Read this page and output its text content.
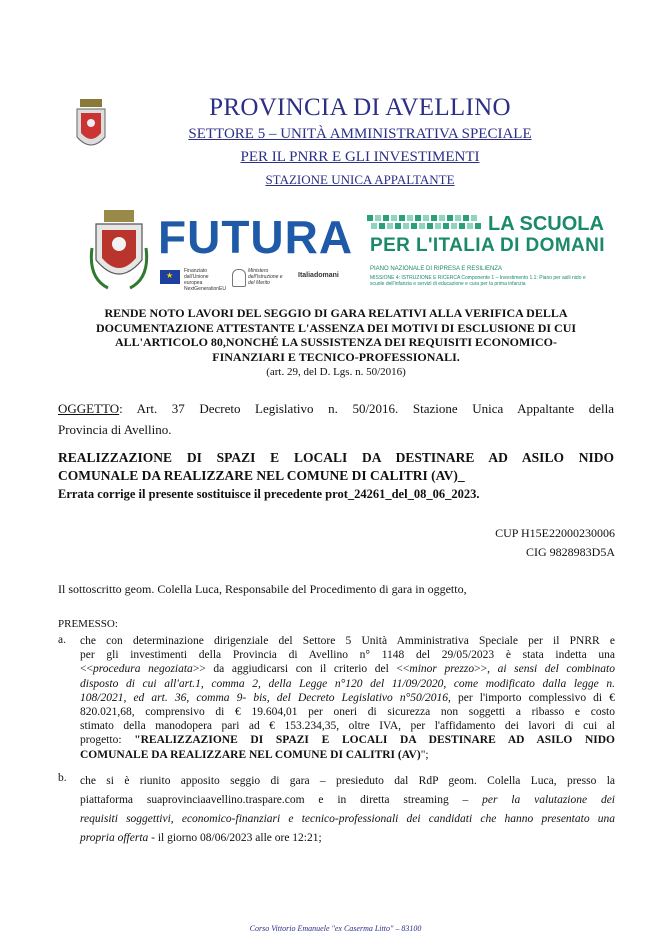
PROVINCIA DI AVELLINO
SETTORE 5 – UNITÀ AMMINISTRATIVA SPECIALE
PER IL PNRR E GLI INVESTIMENTI
STAZIONE UNICA APPALTANTE
FUTURA
★
Finanziato dall'Unione europea NextGenerationEU
Ministero dell'Istruzione e del Merito
Italiadomani
LA SCUOLA
PER L'ITALIA DI DOMANI
PIANO NAZIONALE DI RIPRESA E RESILIENZA
MISSIONE 4: ISTRUZIONE E RICERCA Componente 1 – Investimento 1.1: Piano per asili nido e scuole dell'infanzia e servizi di educazione e cura per la prima infanzia
RENDE NOTO LAVORI DEL SEGGIO DI GARA RELATIVI ALLA VERIFICA DELLA
DOCUMENTAZIONE ATTESTANTE L'ASSENZA DEI MOTIVI DI ESCLUSIONE DI CUI
ALL'ARTICOLO 80,NONCHÉ LA SUSSISTENZA DEI REQUISITI ECONOMICO-
FINANZIARI E TECNICO-PROFESSIONALI.
(art. 29, del D. Lgs. n. 50/2016)
OGGETTO: Art. 37 Decreto Legislativo n. 50/2016. Stazione Unica Appaltante della
Provincia di Avellino.
REALIZZAZIONE DI SPAZI E LOCALI DA DESTINARE AD ASILO NIDO
COMUNALE DA REALIZZARE NEL COMUNE DI CALITRI (AV)_
Errata corrige il presente sostituisce il precedente prot_24261_del_08_06_2023.
CUP H15E22000230006
CIG 9828983D5A
Il sottoscritto geom. Colella Luca, Responsabile del Procedimento di gara in oggetto,
PREMESSO:
a. che con determinazione dirigenziale del Settore 5 Unità Amministrativa Speciale per il PNRR e
per gli investimenti della Provincia di Avellino n° 1148 del 29/05/2023 è stata indetta una
<<procedura negoziata>> da aggiudicarsi con il criterio del <<minor prezzo>>, ai sensi del combinato
disposto di cui all'art.1, comma 2, della Legge n°120 del 11/09/2020, come modificato dalla legge n.
108/2021, ed art. 36, comma 9- bis, del Decreto Legislativo n°50/2016, per l'importo complessivo di €
820.021,68, comprensivo di € 19.604,01 per oneri di sicurezza non soggetti a ribasso e costo
stimato della manodopera pari ad € 153.234,35, oltre IVA, per l'affidamento dei lavori di cui al
progetto: "REALIZZAZIONE DI SPAZI E LOCALI DA DESTINARE AD ASILO NIDO
COMUNALE DA REALIZZARE NEL COMUNE DI CALITRI (AV)";
b. che si è riunito apposito seggio di gara – presieduto dal RdP geom. Colella Luca, presso la
piattaforma suaprovinciaavellino.traspare.com e in diretta streaming – per la valutazione dei
requisiti soggettivi, economico-finanziari e tecnico-professionali dei candidati che hanno presentato una
propria offerta - il giorno 08/06/2023 alle ore 12:21;
Corso Vittorio Emanuele "ex Caserma Litto" – 83100
